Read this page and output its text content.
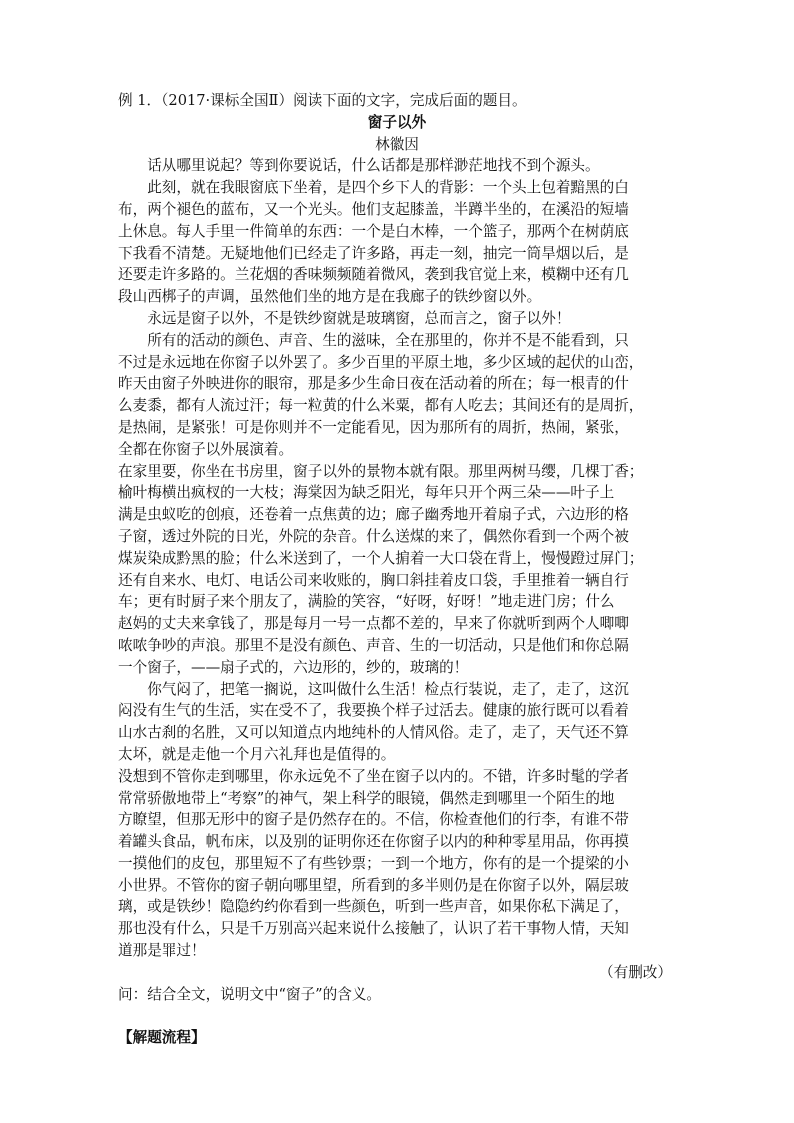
例 1．（2017·课标全国Ⅱ）阅读下面的文字，完成后面的题目。
窗子以外
林徽因
　　话从哪里说起？等到你要说话，什么话都是那样渺茫地找不到个源头。
　　此刻，就在我眼窗底下坐着，是四个乡下人的背影：一个头上包着黯黑的白
布，两个褪色的蓝布，又一个光头。他们支起膝盖，半蹲半坐的，在溪沿的短墙
上休息。每人手里一件简单的东西：一个是白木棒，一个篮子，那两个在树荫底
下我看不清楚。无疑地他们已经走了许多路，再走一刻，抽完一筒旱烟以后，是
还要走许多路的。兰花烟的香味频频随着微风，袭到我官觉上来，模糊中还有几
段山西梆子的声调，虽然他们坐的地方是在我廊子的铁纱窗以外。
　　永远是窗子以外，不是铁纱窗就是玻璃窗，总而言之，窗子以外！
　　所有的活动的颜色、声音、生的滋味，全在那里的，你并不是不能看到，只
不过是永远地在你窗子以外罢了。多少百里的平原土地，多少区域的起伏的山峦，
昨天由窗子外映进你的眼帘，那是多少生命日夜在活动着的所在；每一根青的什
么麦黍，都有人流过汗；每一粒黄的什么米粟，都有人吃去；其间还有的是周折，
是热闹，是紧张！可是你则并不一定能看见，因为那所有的周折，热闹，紧张，
全都在你窗子以外展演着。
在家里要，你坐在书房里，窗子以外的景物本就有限。那里两树马缨，几棵丁香；
榆叶梅横出疯杈的一大枝；海棠因为缺乏阳光，每年只开个两三朵——叶子上
满是虫蚁吃的创痕，还卷着一点焦黄的边；廊子幽秀地开着扇子式，六边形的格
子窗，透过外院的日光，外院的杂音。什么送煤的来了，偶然你看到一个两个被
煤炭染成黔黑的脸；什么米送到了，一个人掮着一大口袋在背上，慢慢蹬过屏门；
还有自来水、电灯、电话公司来收账的，胸口斜挂着皮口袋，手里推着一辆自行
车；更有时厨子来个朋友了，满脸的笑容，“好呀，好呀！”地走进门房；什么
赵妈的丈夫来拿钱了，那是每月一号一点都不差的，早来了你就听到两个人唧唧
哝哝争吵的声浪。那里不是没有颜色、声音、生的一切活动，只是他们和你总隔
一个窗子，——扇子式的，六边形的，纱的，玻璃的！
　　你气闷了，把笔一搁说，这叫做什么生活！检点行装说，走了，走了，这沉
闷没有生气的生活，实在受不了，我要换个样子过活去。健康的旅行既可以看着
山水古刹的名胜，又可以知道点内地纯朴的人情风俗。走了，走了，天气还不算
太坏，就是走他一个月六礼拜也是值得的。
没想到不管你走到哪里，你永远免不了坐在窗子以内的。不错，许多时髦的学者
常常骄傲地带上“考察”的神气，架上科学的眼镜，偶然走到哪里一个陌生的地
方瞭望，但那无形中的窗子是仍然存在的。不信，你检查他们的行李，有谁不带
着罐头食品，帆布床，以及别的证明你还在你窗子以内的种种零星用品，你再摸
一摸他们的皮包，那里短不了有些钞票；一到一个地方，你有的是一个提梁的小
小世界。不管你的窗子朝向哪里望，所看到的多半则仍是在你窗子以外，隔层玻
璃，或是铁纱！隐隐约约你看到一些颜色，听到一些声音，如果你私下满足了，
那也没有什么，只是千万别高兴起来说什么接触了，认识了若干事物人情，天知
道那是罪过！
（有删改）
问：结合全文，说明文中“窗子”的含义。
【解题流程】
